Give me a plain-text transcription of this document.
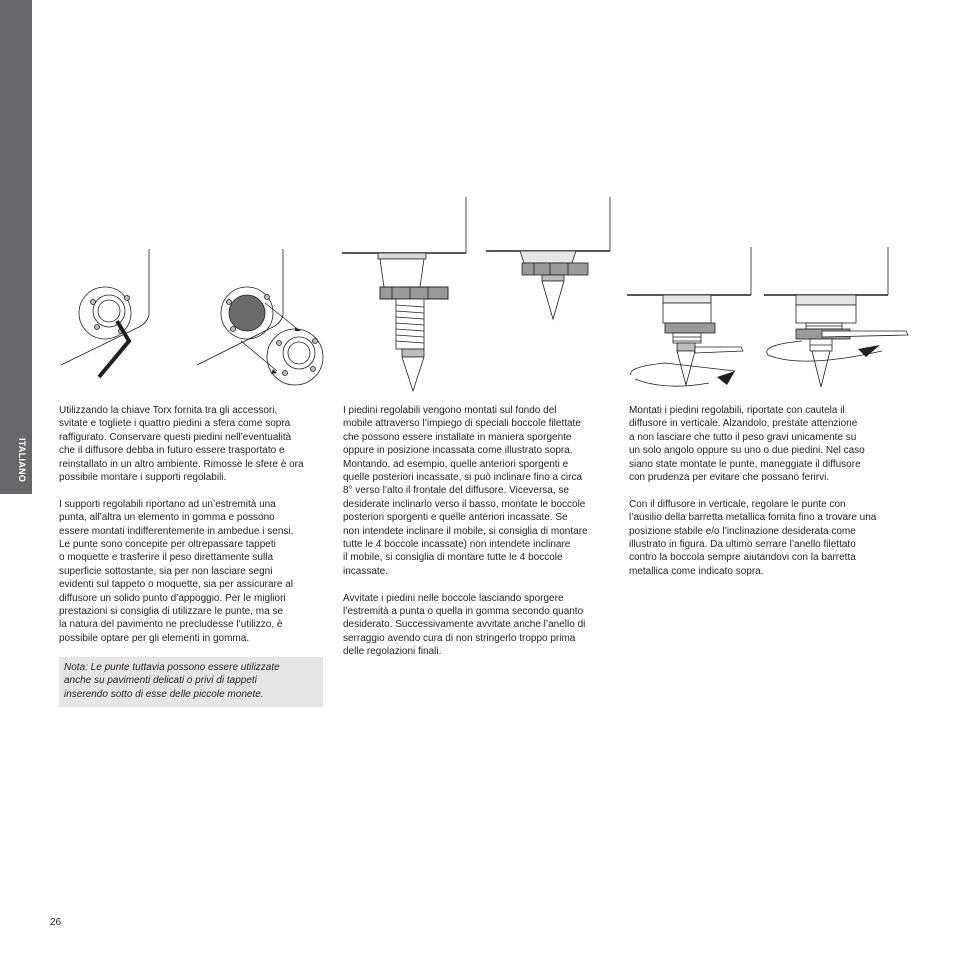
ITALIANO

Utilizzando la chiave Torx fornita tra gli accessori,
svitate e togliete i quattro piedini a sfera come sopra
raffigurato. Conservare questi piedini nell’eventualità
che il diffusore debba in futuro essere trasportato e
reinstallato in un altro ambiente. Rimosse le sfere è ora
possibile montare i supporti regolabili.

I supporti regolabili riportano ad un’estremità una
punta, all’altra un elemento in gomma e possono
essere montati indifferentemente in ambedue i sensi.
Le punte sono concepite per oltrepassare tappeti
o moquette e trasferire il peso direttamente sulla
superficie sottostante, sia per non lasciare segni
evidenti sul tappeto o moquette, sia per assicurare al
diffusore un solido punto d’appoggio. Per le migliori
prestazioni si consiglia di utilizzare le punte, ma se
la natura del pavimento ne precludesse l’utilizzo, è
possibile optare per gli elementi in gomma.

Nota: Le punte tuttavia possono essere utilizzate
anche su pavimenti delicati o privi di tappeti
inserendo sotto di esse delle piccole monete.

I piedini regolabili vengono montati sul fondo del
mobile attraverso l’impiego di speciali boccole filettate
che possono essere installate in maniera sporgente
oppure in posizione incassata come illustrato sopra.
Montando, ad esempio, quelle anteriori sporgenti e
quelle posteriori incassate, si può inclinare fino a circa
8° verso l’alto il frontale del diffusore. Viceversa, se
desiderate inclinarlo verso il basso, montate le boccole
posteriori sporgenti e quelle anteriori incassate. Se
non intendete inclinare il mobile, si consiglia di montare
tutte le 4 boccole incassate) non intendete inclinare
il mobile, si consiglia di montare tutte le 4 boccole
incassate.

Avvitate i piedini nelle boccole lasciando sporgere
l’estremità a punta o quella in gomma secondo quanto
desiderato. Successivamente avvitate anche l’anello di
serraggio avendo cura di non stringerlo troppo prima
delle regolazioni finali.

Montati i piedini regolabili, riportate con cautela il
diffusore in verticale. Alzandolo, prestate attenzione
a non lasciare che tutto il peso gravi unicamente su
un solo angolo oppure su uno o due piedini. Nel caso
siano state montate le punte, maneggiate il diffusore
con prudenza per evitare che possano ferirvi.

Con il diffusore in verticale, regolare le punte con
l’ausilio della barretta metallica fornita fino a trovare una
posizione stabile e/o l’inclinazione desiderata come
illustrato in figura. Da ultimo serrare l’anello filettato
contro la boccola sempre aiutandovi con la barretta
metallica come indicato sopra.

26
